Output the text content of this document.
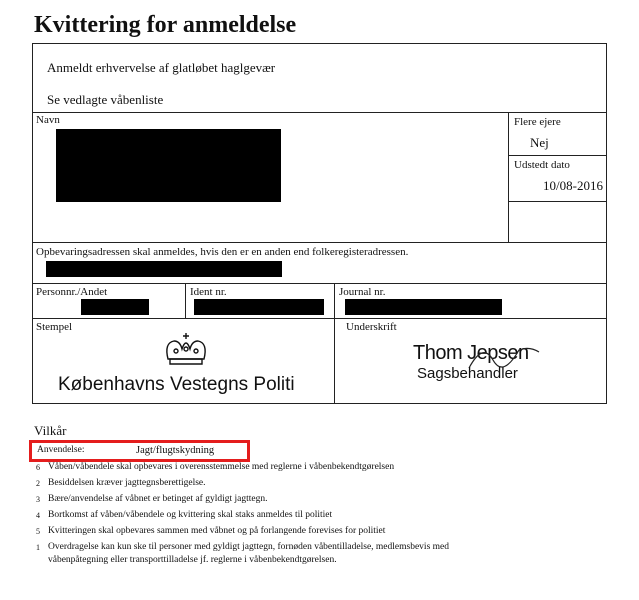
Kvittering for anmeldelse
Anmeldt erhvervelse af glatløbet haglgevær
Se vedlagte våbenliste
Navn	Flere ejere
Nej
Udstedt dato
10/08-2016
Opbevaringsadressen skal anmeldes, hvis den er en anden end folkeregisteradressen.
Personnr./Andet	Ident nr.	Journal nr.
Stempel
Københavns Vestegns Politi
Underskrift
Thom Jepsen
Sagsbehandler
Vilkår
Anvendelse:	Jagt/flugtskydning
6 Våben/våbendele skal opbevares i overensstemmelse med reglerne i våbenbekendtgørelsen
2 Besiddelsen kræver jagttegnsberettigelse.
3 Bære/anvendelse af våbnet er betinget af gyldigt jagttegn.
4 Bortkomst af våben/våbendele og kvittering skal staks anmeldes til politiet
5 Kvitteringen skal opbevares sammen med våbnet og på forlangende forevises for politiet
1 Overdragelse kan kun ske til personer med gyldigt jagttegn, fornøden våbentilladelse, medlemsbevis med
våbenpåtegning eller transporttilladelse jf. reglerne i våbenbekendtgørelsen.
